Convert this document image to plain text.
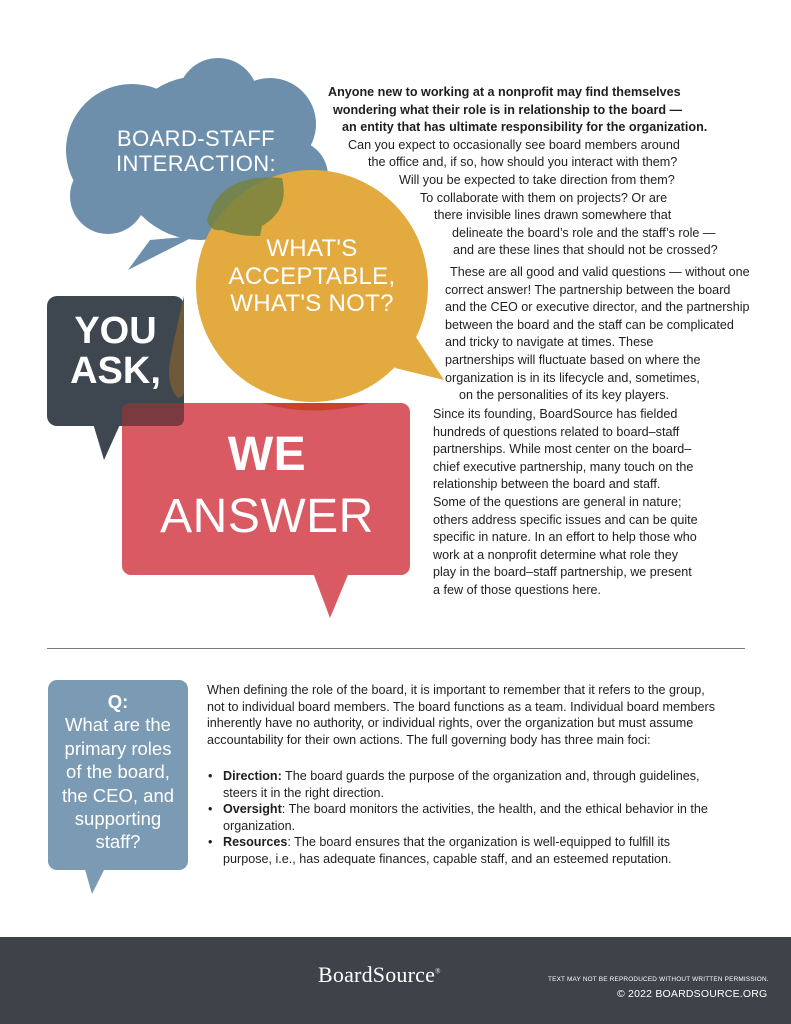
BOARD-STAFF
INTERACTION:
WHAT'S
ACCEPTABLE,
WHAT'S NOT?
YOU
ASK,
WE
ANSWER
Anyone new to working at a nonprofit may find themselves
wondering what their role is in relationship to the board —
an entity that has ultimate responsibility for the organization.
Can you expect to occasionally see board members around
the office and, if so, how should you interact with them?
Will you be expected to take direction from them?
To collaborate with them on projects? Or are
there invisible lines drawn somewhere that
delineate the board’s role and the staff’s role —
and are these lines that should not be crossed?
These are all good and valid questions — without one
correct answer! The partnership between the board
and the CEO or executive director, and the partnership
between the board and the staff can be complicated
and tricky to navigate at times. These
partnerships will fluctuate based on where the
organization is in its lifecycle and, sometimes,
on the personalities of its key players.
Since its founding, BoardSource has fielded
hundreds of questions related to board–staff
partnerships. While most center on the board–
chief executive partnership, many touch on the
relationship between the board and staff.
Some of the questions are general in nature;
others address specific issues and can be quite
specific in nature. In an effort to help those who
work at a nonprofit determine what role they
play in the board–staff partnership, we present
a few of those questions here.
Q:
What are the
primary roles
of the board,
the CEO, and
supporting
staff?
When defining the role of the board, it is important to remember that it refers to the group,
not to individual board members. The board functions as a team. Individual board members
inherently have no authority, or individual rights, over the organization but must assume
accountability for their own actions. The full governing body has three main foci:
• Direction: The board guards the purpose of the organization and, through guidelines,
steers it in the right direction.
• Oversight: The board monitors the activities, the health, and the ethical behavior in the
organization.
• Resources: The board ensures that the organization is well-equipped to fulfill its
purpose, i.e., has adequate finances, capable staff, and an esteemed reputation.
BoardSource®
TEXT MAY NOT BE REPRODUCED WITHOUT WRITTEN PERMISSION.
© 2022 BOARDSOURCE.ORG
